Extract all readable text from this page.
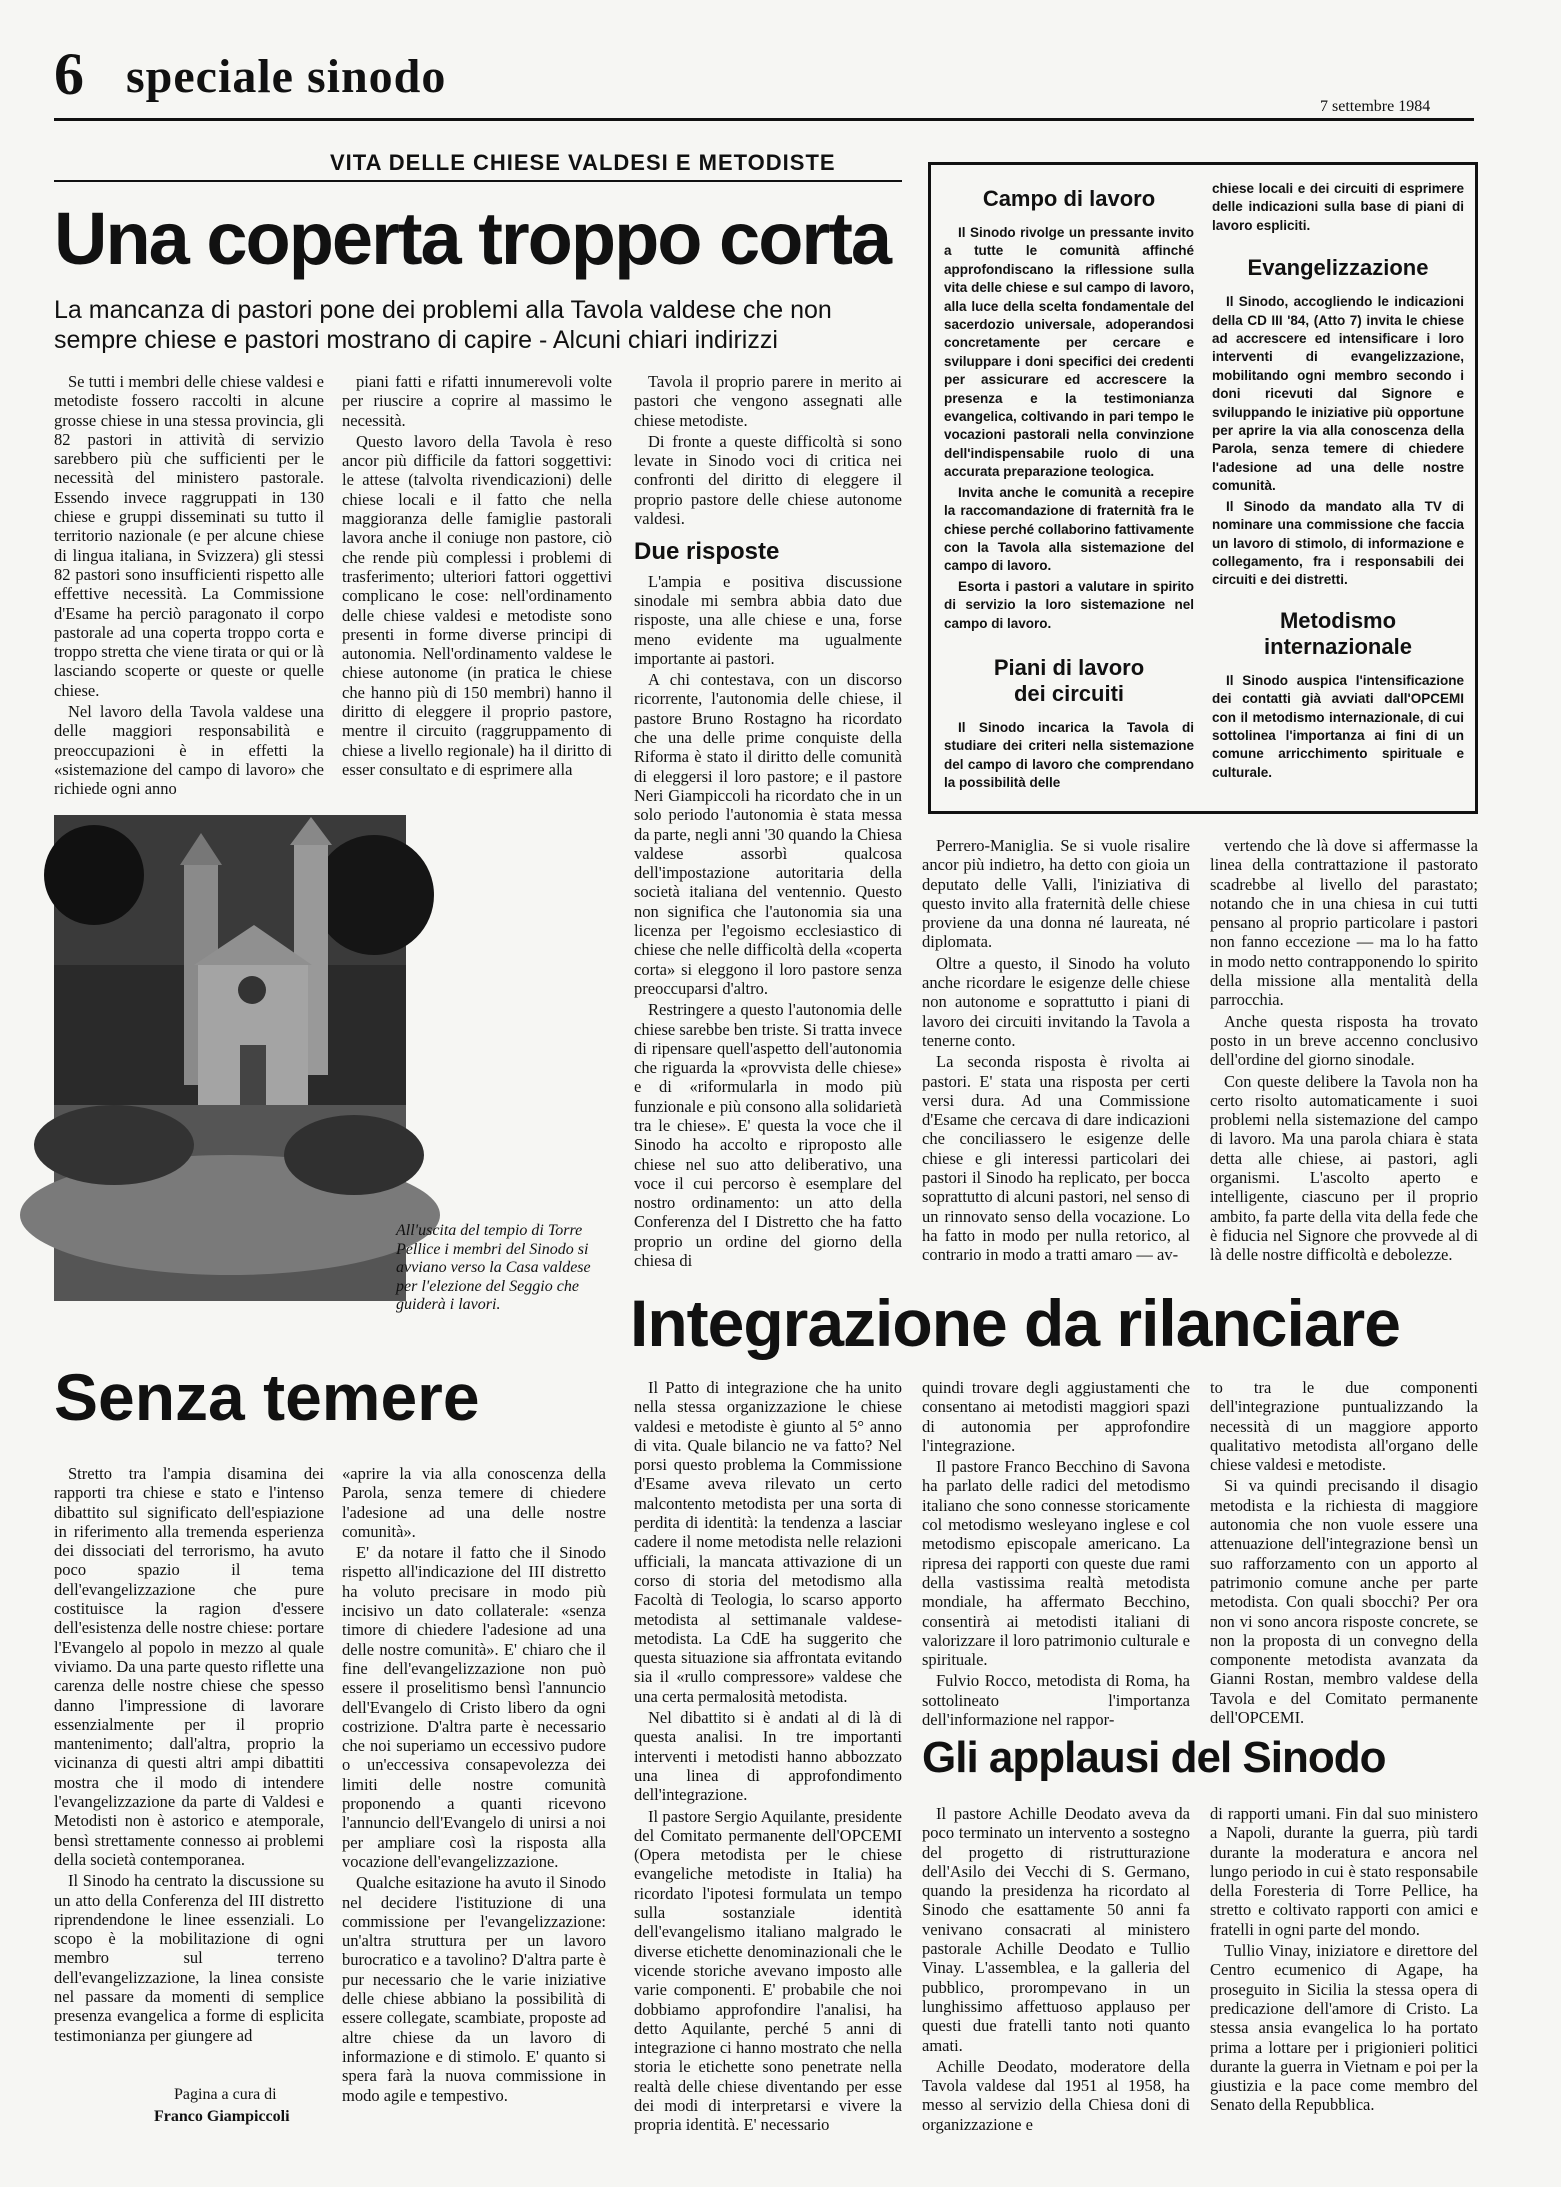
6 speciale sinodo
7 settembre 1984
VITA DELLE CHIESE VALDESI E METODISTE
Una coperta troppo corta
La mancanza di pastori pone dei problemi alla Tavola valdese che non
sempre chiese e pastori mostrano di capire - Alcuni chiari indirizzi

Se tutti i membri delle chiese valdesi e metodiste fossero raccolti in alcune grosse chiese in una stessa provincia, gli 82 pastori in attività di servizio sarebbero più che sufficienti per le necessità del ministero pastorale. Essendo invece raggruppati in 130 chiese e gruppi disseminati su tutto il territorio nazionale (e per alcune chiese di lingua italiana, in Svizzera) gli stessi 82 pastori sono insufficienti rispetto alle effettive necessità. La Commissione d'Esame ha perciò paragonato il corpo pastorale ad una coperta troppo corta e troppo stretta che viene tirata or qui or là lasciando scoperte or queste or quelle chiese.

Nel lavoro della Tavola valdese una delle maggiori responsabilità e preoccupazioni è in effetti la «sistemazione del campo di lavoro» che richiede ogni anno

piani fatti e rifatti innumerevoli volte per riuscire a coprire al massimo le necessità.

Questo lavoro della Tavola è reso ancor più difficile da fattori soggettivi: le attese (talvolta rivendicazioni) delle chiese locali e il fatto che nella maggioranza delle famiglie pastorali lavora anche il coniuge non pastore, ciò che rende più complessi i problemi di trasferimento; ulteriori fattori oggettivi complicano le cose: nell'ordinamento delle chiese valdesi e metodiste sono presenti in forme diverse principi di autonomia. Nell'ordinamento valdese le chiese autonome (in pratica le chiese che hanno più di 150 membri) hanno il diritto di eleggere il proprio pastore, mentre il circuito (raggruppamento di chiese a livello regionale) ha il diritto di esser consultato e di esprimere alla

Tavola il proprio parere in merito ai pastori che vengono assegnati alle chiese metodiste.

Di fronte a queste difficoltà si sono levate in Sinodo voci di critica nei confronti del diritto di eleggere il proprio pastore delle chiese autonome valdesi.

Due risposte

L'ampia e positiva discussione sinodale mi sembra abbia dato due risposte, una alle chiese e una, forse meno evidente ma ugualmente importante ai pastori.

A chi contestava, con un discorso ricorrente, l'autonomia delle chiese, il pastore Bruno Rostagno ha ricordato che una delle prime conquiste della Riforma è stato il diritto delle comunità di eleggersi il loro pastore; e il pastore Neri Giampiccoli ha ricordato che in un solo periodo l'autonomia è stata messa da parte, negli anni '30 quando la Chiesa valdese assorbì qualcosa dell'impostazione autoritaria della società italiana del ventennio. Questo non significa che l'autonomia sia una licenza per l'egoismo ecclesiastico di chiese che nelle difficoltà della «coperta corta» si eleggono il loro pastore senza preoccuparsi d'altro.

Restringere a questo l'autonomia delle chiese sarebbe ben triste. Si tratta invece di ripensare quell'aspetto dell'autonomia che riguarda la «provvista delle chiese» e di «riformularla in modo più funzionale e più consono alla solidarietà tra le chiese». E' questa la voce che il Sinodo ha accolto e riproposto alle chiese nel suo atto deliberativo, una voce il cui percorso è esemplare del nostro ordinamento: un atto della Conferenza del I Distretto che ha fatto proprio un ordine del giorno della chiesa di

Perrero-Maniglia. Se si vuole risalire ancor più indietro, ha detto con gioia un deputato delle Valli, l'iniziativa di questo invito alla fraternità delle chiese proviene da una donna né laureata, né diplomata.

Oltre a questo, il Sinodo ha voluto anche ricordare le esigenze delle chiese non autonome e soprattutto i piani di lavoro dei circuiti invitando la Tavola a tenerne conto.

La seconda risposta è rivolta ai pastori. E' stata una risposta per certi versi dura. Ad una Commissione d'Esame che cercava di dare indicazioni che conciliassero le esigenze delle chiese e gli interessi particolari dei pastori il Sinodo ha replicato, per bocca soprattutto di alcuni pastori, nel senso di un rinnovato senso della vocazione. Lo ha fatto in modo per nulla retorico, al contrario in modo a tratti amaro — av-

vertendo che là dove si affermasse la linea della contrattazione il pastorato scadrebbe al livello del parastato; notando che in una chiesa in cui tutti pensano al proprio particolare i pastori non fanno eccezione — ma lo ha fatto in modo netto contrapponendo lo spirito della missione alla mentalità della parrocchia.

Anche questa risposta ha trovato posto in un breve accenno conclusivo dell'ordine del giorno sinodale.

Con queste delibere la Tavola non ha certo risolto automaticamente i suoi problemi nella sistemazione del campo di lavoro. Ma una parola chiara è stata detta alle chiese, ai pastori, agli organismi. L'ascolto aperto e intelligente, ciascuno per il proprio ambito, fa parte della vita della fede che è fiducia nel Signore che provvede al di là delle nostre difficoltà e debolezze.

Campo di lavoro

Il Sinodo rivolge un pressante invito a tutte le comunità affinché approfondiscano la riflessione sulla vita delle chiese e sul campo di lavoro, alla luce della scelta fondamentale del sacerdozio universale, adoperandosi concretamente per cercare e sviluppare i doni specifici dei credenti per assicurare ed accrescere la presenza e la testimonianza evangelica, coltivando in pari tempo le vocazioni pastorali nella convinzione dell'indispensabile ruolo di una accurata preparazione teologica.

Invita anche le comunità a recepire la raccomandazione di fraternità fra le chiese perché collaborino fattivamente con la Tavola alla sistemazione del campo di lavoro.

Esorta i pastori a valutare in spirito di servizio la loro sistemazione nel campo di lavoro.

Piani di lavoro
dei circuiti

Il Sinodo incarica la Tavola di studiare dei criteri nella sistemazione del campo di lavoro che comprendano la possibilità delle

chiese locali e dei circuiti di esprimere delle indicazioni sulla base di piani di lavoro espliciti.

Evangelizzazione

Il Sinodo, accogliendo le indicazioni della CD III '84, (Atto 7) invita le chiese ad accrescere ed intensificare i loro interventi di evangelizzazione, mobilitando ogni membro secondo i doni ricevuti dal Signore e sviluppando le iniziative più opportune per aprire la via alla conoscenza della Parola, senza temere di chiedere l'adesione ad una delle nostre comunità.

Il Sinodo da mandato alla TV di nominare una commissione che faccia un lavoro di stimolo, di informazione e collegamento, fra i responsabili dei circuiti e dei distretti.

Metodismo
internazionale

Il Sinodo auspica l'intensificazione dei contatti già avviati dall'OPCEMI con il metodismo internazionale, di cui sottolinea l'importanza ai fini di un comune arricchimento spirituale e culturale.

All'uscita del tempio di Torre Pellice i membri del Sinodo si avviano verso la Casa valdese per l'elezione del Seggio che guiderà i lavori.
Senza temere

Stretto tra l'ampia disamina dei rapporti tra chiese e stato e l'intenso dibattito sul significato dell'espiazione in riferimento alla tremenda esperienza dei dissociati del terrorismo, ha avuto poco spazio il tema dell'evangelizzazione che pure costituisce la ragion d'essere dell'esistenza delle nostre chiese: portare l'Evangelo al popolo in mezzo al quale viviamo. Da una parte questo riflette una carenza delle nostre chiese che spesso danno l'impressione di lavorare essenzialmente per il proprio mantenimento; dall'altra, proprio la vicinanza di questi altri ampi dibattiti mostra che il modo di intendere l'evangelizzazione da parte di Valdesi e Metodisti non è astorico e atemporale, bensì strettamente connesso ai problemi della società contemporanea.

Il Sinodo ha centrato la discussione su un atto della Conferenza del III distretto riprendendone le linee essenziali. Lo scopo è la mobilitazione di ogni membro sul terreno dell'evangelizzazione, la linea consiste nel passare da momenti di semplice presenza evangelica a forme di esplicita testimonianza per giungere ad

«aprire la via alla conoscenza della Parola, senza temere di chiedere l'adesione ad una delle nostre comunità».

E' da notare il fatto che il Sinodo rispetto all'indicazione del III distretto ha voluto precisare in modo più incisivo un dato collaterale: «senza timore di chiedere l'adesione ad una delle nostre comunità». E' chiaro che il fine dell'evangelizzazione non può essere il proselitismo bensì l'annuncio dell'Evangelo di Cristo libero da ogni costrizione. D'altra parte è necessario che noi superiamo un eccessivo pudore o un'eccessiva consapevolezza dei limiti delle nostre comunità proponendo a quanti ricevono l'annuncio dell'Evangelo di unirsi a noi per ampliare così la risposta alla vocazione dell'evangelizzazione.

Qualche esitazione ha avuto il Sinodo nel decidere l'istituzione di una commissione per l'evangelizzazione: un'altra struttura per un lavoro burocratico e a tavolino? D'altra parte è pur necessario che le varie iniziative delle chiese abbiano la possibilità di essere collegate, scambiate, proposte ad altre chiese da un lavoro di informazione e di stimolo. E' quanto si spera farà la nuova commissione in modo agile e tempestivo.

Pagina a cura di
Franco Giampiccoli
Integrazione da rilanciare

Il Patto di integrazione che ha unito nella stessa organizzazione le chiese valdesi e metodiste è giunto al 5° anno di vita. Quale bilancio ne va fatto? Nel porsi questo problema la Commissione d'Esame aveva rilevato un certo malcontento metodista per una sorta di perdita di identità: la tendenza a lasciar cadere il nome metodista nelle relazioni ufficiali, la mancata attivazione di un corso di storia del metodismo alla Facoltà di Teologia, lo scarso apporto metodista al settimanale valdese-metodista. La CdE ha suggerito che questa situazione sia affrontata evitando sia il «rullo compressore» valdese che una certa permalosità metodista.

Nel dibattito si è andati al di là di questa analisi. In tre importanti interventi i metodisti hanno abbozzato una linea di approfondimento dell'integrazione.

Il pastore Sergio Aquilante, presidente del Comitato permanente dell'OPCEMI (Opera metodista per le chiese evangeliche metodiste in Italia) ha ricordato l'ipotesi formulata un tempo sulla sostanziale identità dell'evangelismo italiano malgrado le diverse etichette denominazionali che le vicende storiche avevano imposto alle varie componenti. E' probabile che noi dobbiamo approfondire l'analisi, ha detto Aquilante, perché 5 anni di integrazione ci hanno mostrato che nella storia le etichette sono penetrate nella realtà delle chiese diventando per esse dei modi di interpretarsi e vivere la propria identità. E' necessario

quindi trovare degli aggiustamenti che consentano ai metodisti maggiori spazi di autonomia per approfondire l'integrazione.

Il pastore Franco Becchino di Savona ha parlato delle radici del metodismo italiano che sono connesse storicamente col metodismo wesleyano inglese e col metodismo episcopale americano. La ripresa dei rapporti con queste due rami della vastissima realtà metodista mondiale, ha affermato Becchino, consentirà ai metodisti italiani di valorizzare il loro patrimonio culturale e spirituale.

Fulvio Rocco, metodista di Roma, ha sottolineato l'importanza dell'informazione nel rappor-

to tra le due componenti dell'integrazione puntualizzando la necessità di un maggiore apporto qualitativo metodista all'organo delle chiese valdesi e metodiste.

Si va quindi precisando il disagio metodista e la richiesta di maggiore autonomia che non vuole essere una attenuazione dell'integrazione bensì un suo rafforzamento con un apporto al patrimonio comune anche per parte metodista. Con quali sbocchi? Per ora non vi sono ancora risposte concrete, se non la proposta di un convegno della componente metodista avanzata da Gianni Rostan, membro valdese della Tavola e del Comitato permanente dell'OPCEMI.

Gli applausi del Sinodo

Il pastore Achille Deodato aveva da poco terminato un intervento a sostegno del progetto di ristrutturazione dell'Asilo dei Vecchi di S. Germano, quando la presidenza ha ricordato al Sinodo che esattamente 50 anni fa venivano consacrati al ministero pastorale Achille Deodato e Tullio Vinay. L'assemblea, e la galleria del pubblico, prorompevano in un lunghissimo affettuoso applauso per questi due fratelli tanto noti quanto amati.

Achille Deodato, moderatore della Tavola valdese dal 1951 al 1958, ha messo al servizio della Chiesa doni di organizzazione e

di rapporti umani. Fin dal suo ministero a Napoli, durante la guerra, più tardi durante la moderatura e ancora nel lungo periodo in cui è stato responsabile della Foresteria di Torre Pellice, ha stretto e coltivato rapporti con amici e fratelli in ogni parte del mondo.

Tullio Vinay, iniziatore e direttore del Centro ecumenico di Agape, ha proseguito in Sicilia la stessa opera di predicazione dell'amore di Cristo. La stessa ansia evangelica lo ha portato prima a lottare per i prigionieri politici durante la guerra in Vietnam e poi per la giustizia e la pace come membro del Senato della Repubblica.
